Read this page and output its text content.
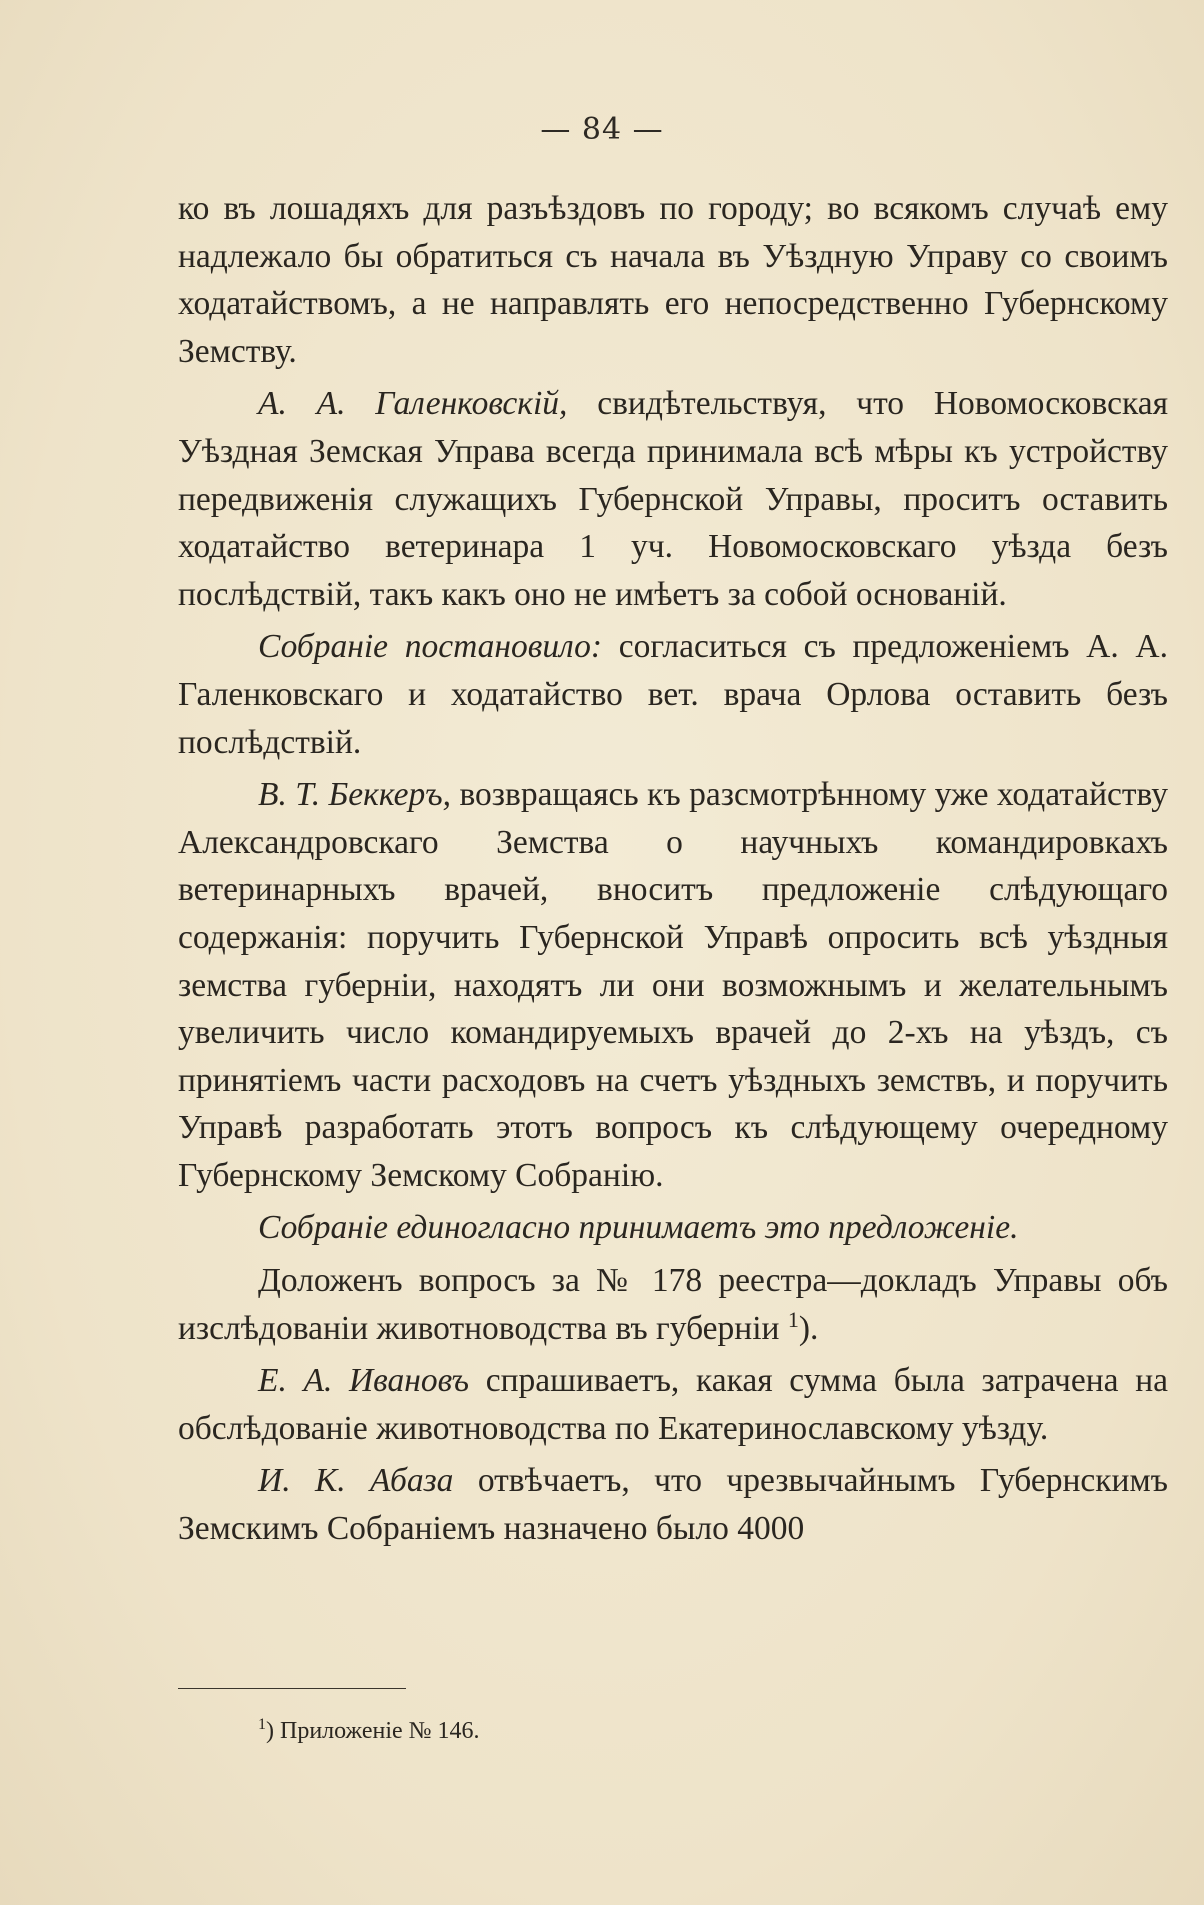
— 84 —

ко въ лошадяхъ для разъѣздовъ по городу; во всякомъ случаѣ ему надлежало бы обратиться съ начала въ Уѣздную Управу со своимъ ходатайствомъ, а не направлять его непосредственно Губернскому Земству.

А. А. Галенковскій, свидѣтельствуя, что Новомосковская Уѣздная Земская Управа всегда принимала всѣ мѣры къ устройству передвиженія служащихъ Губернской Управы, проситъ оставить ходатайство ветеринара 1 уч. Новомосковскаго уѣзда безъ послѣдствій, такъ какъ оно не имѣетъ за собой основаній.

Собраніе постановило: согласиться съ предложеніемъ А. А. Галенковскаго и ходатайство вет. врача Орлова оставить безъ послѣдствій.

В. Т. Беккеръ, возвращаясь къ разсмотрѣнному уже ходатайству Александровскаго Земства о научныхъ командировкахъ ветеринарныхъ врачей, вноситъ предложеніе слѣдующаго содержанія: поручить Губернской Управѣ опросить всѣ уѣздныя земства губерніи, находятъ ли они возможнымъ и желательнымъ увеличить число командируемыхъ врачей до 2-хъ на уѣздъ, съ принятіемъ части расходовъ на счетъ уѣздныхъ земствъ, и поручить Управѣ разработать этотъ вопросъ къ слѣдующему очередному Губернскому Земскому Собранію.

Собраніе единогласно принимаетъ это предложеніе.

Доложенъ вопросъ за № 178 реестра—докладъ Управы объ изслѣдованіи животноводства въ губерніи $^1$).

Е. А. Ивановъ спрашиваетъ, какая сумма была затрачена на обслѣдованіе животноводства по Екатеринославскому уѣзду.

И. К. Абаза отвѣчаетъ, что чрезвычайнымъ Губернскимъ Земскимъ Собраніемъ назначено было 4000

$^1$) Приложеніе № 146.
